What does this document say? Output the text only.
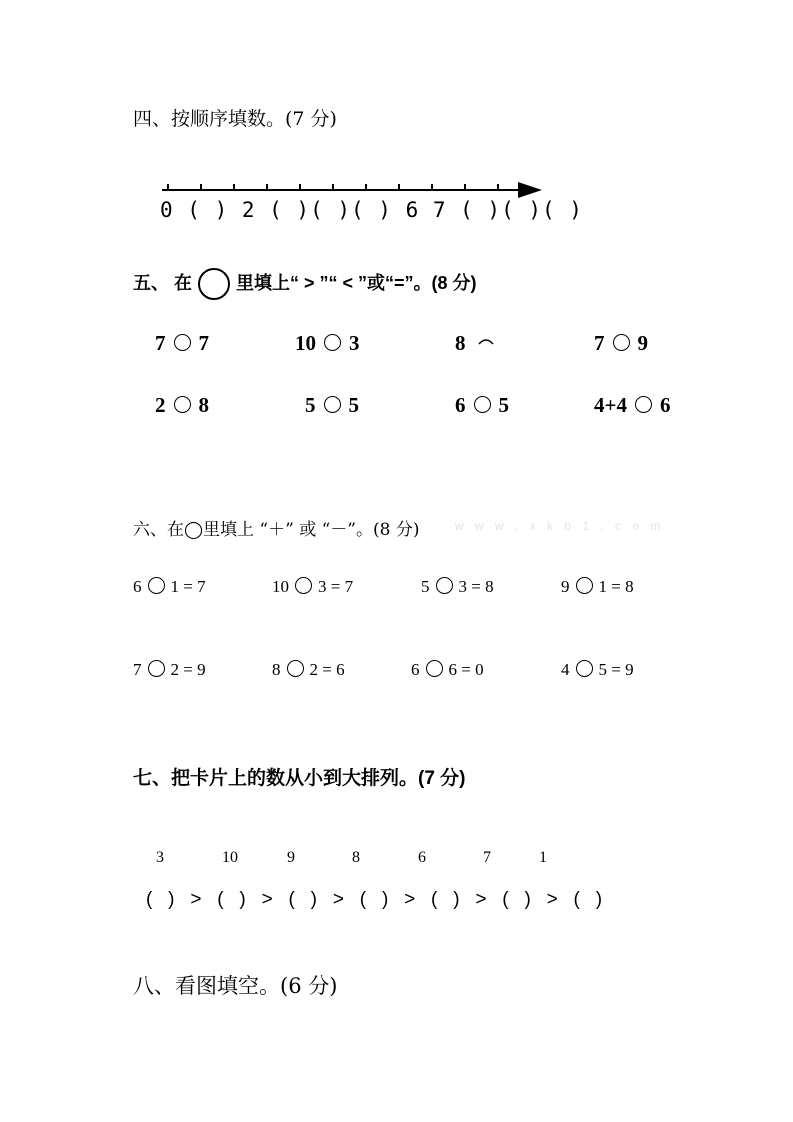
四、按顺序填数。(7 分)
0 ( ) 2 ( )( )( ) 6 7 ( )( )( )
五、 在 里填上“ > ”“ < ”或“=”。(8 分)
7 7	10 3	8	7 9
2 8	5 5	6 5	4+4 6
六、在◯里填上 “＋” 或 “－”。(8 分)	w w w . x k b 1 . c o m
6 1 = 7	10 3 = 7	5 3 = 8	9 1 = 8
7 2 = 9	8 2 = 6	6 6 = 0	4 5 = 9
七、把卡片上的数从小到大排列。(7 分)
3	10	9	8	6	7	1
(   )   >   (   )   >   (   )   >   (   )   >   (   )   >   (   )   >   (   )
八、看图填空。(6 分)
